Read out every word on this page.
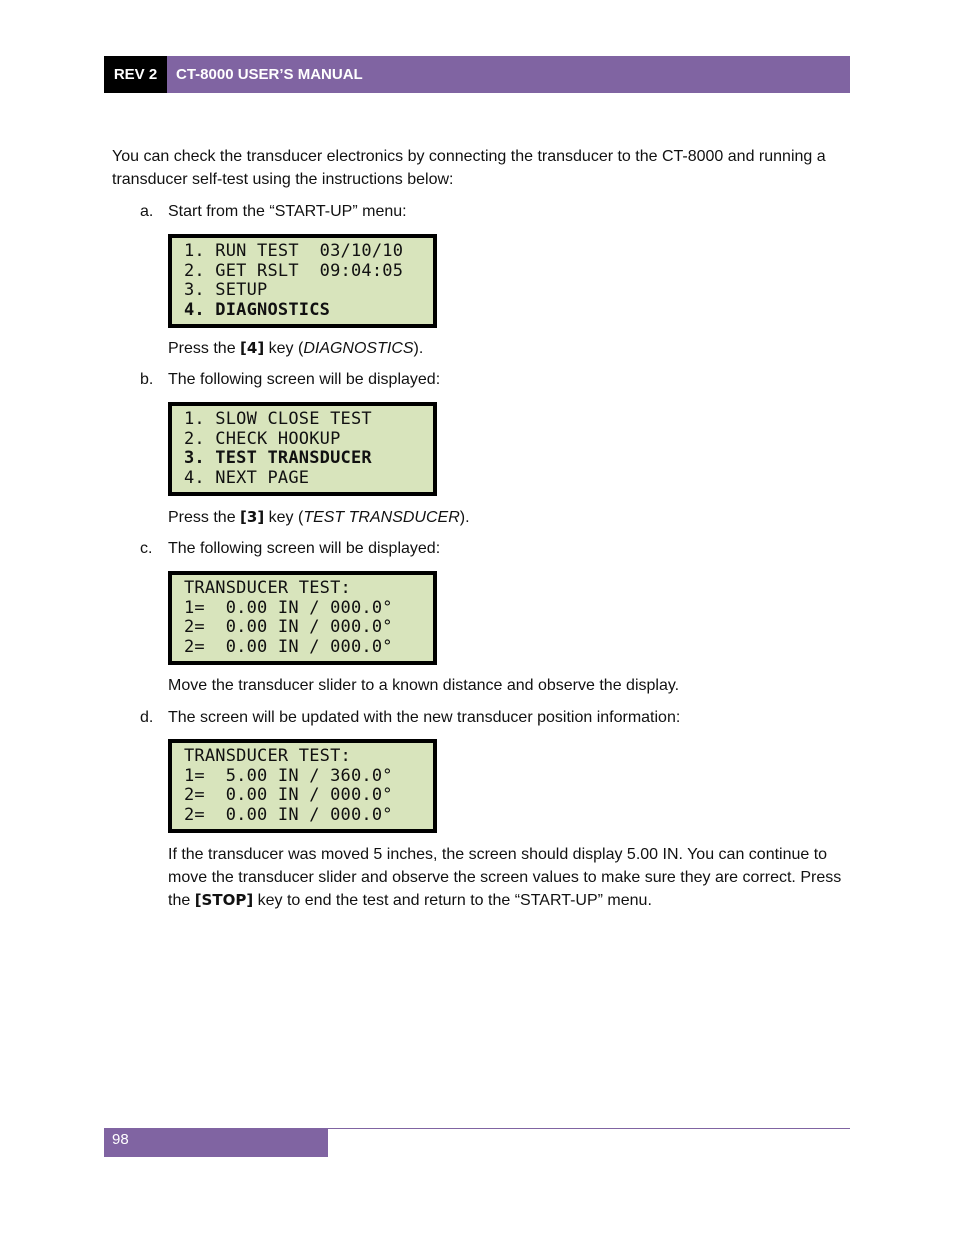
REV 2	CT-8000 USER’S MANUAL
You can check the transducer electronics by connecting the transducer to the CT-8000 and running a transducer self-test using the instructions below:
a. Start from the “START-UP” menu:
1. RUN TEST  03/10/10
2. GET RSLT  09:04:05
3. SETUP
4. DIAGNOSTICS
Press the [4] key (DIAGNOSTICS).
b. The following screen will be displayed:
1. SLOW CLOSE TEST
2. CHECK HOOKUP
3. TEST TRANSDUCER
4. NEXT PAGE
Press the [3] key (TEST TRANSDUCER).
c. The following screen will be displayed:
TRANSDUCER TEST:
1=  0.00 IN / 000.0°
2=  0.00 IN / 000.0°
2=  0.00 IN / 000.0°
Move the transducer slider to a known distance and observe the display.
d. The screen will be updated with the new transducer position information:
TRANSDUCER TEST:
1=  5.00 IN / 360.0°
2=  0.00 IN / 000.0°
2=  0.00 IN / 000.0°
If the transducer was moved 5 inches, the screen should display 5.00 IN. You can continue to move the transducer slider and observe the screen values to make sure they are correct. Press the [STOP] key to end the test and return to the “START-UP” menu.
98
